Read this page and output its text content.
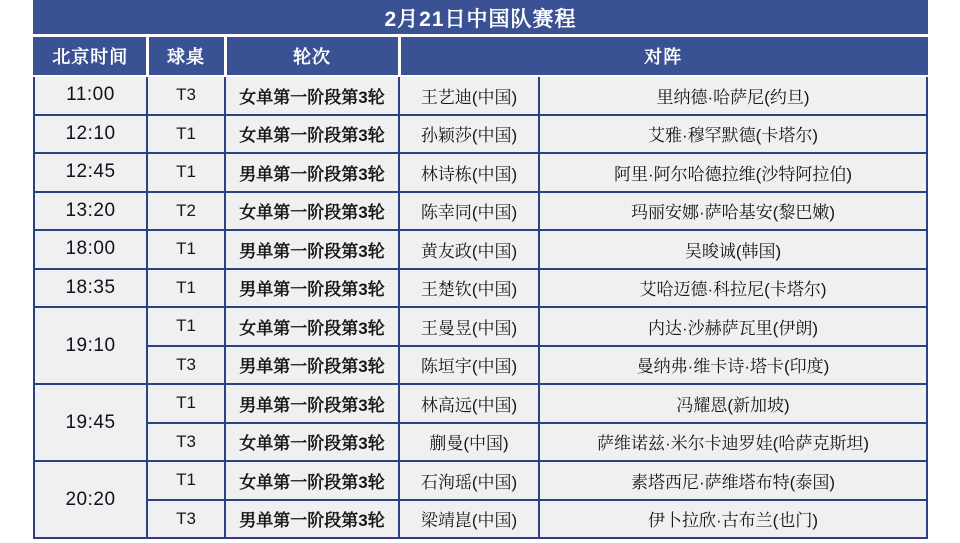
2月21日中国队赛程				
北京时间	球桌	轮次	对阵	
11:00	T3	女单第一阶段第3轮	王艺迪(中国)	里纳德·哈萨尼(约旦)
12:10	T1	女单第一阶段第3轮	孙颖莎(中国)	艾雅·穆罕默德(卡塔尔)
12:45	T1	男单第一阶段第3轮	林诗栋(中国)	阿里·阿尔哈德拉维(沙特阿拉伯)
13:20	T2	女单第一阶段第3轮	陈幸同(中国)	玛丽安娜·萨哈基安(黎巴嫩)
18:00	T1	男单第一阶段第3轮	黄友政(中国)	吴晙诚(韩国)
18:35	T1	男单第一阶段第3轮	王楚钦(中国)	艾哈迈德·科拉尼(卡塔尔)
19:10	T1	女单第一阶段第3轮	王曼昱(中国)	内达·沙赫萨瓦里(伊朗)
	T3	男单第一阶段第3轮	陈垣宇(中国)	曼纳弗·维卡诗·塔卡(印度)
19:45	T1	男单第一阶段第3轮	林高远(中国)	冯耀恩(新加坡)
	T3	女单第一阶段第3轮	蒯曼(中国)	萨维诺兹·米尔卡迪罗娃(哈萨克斯坦)
20:20	T1	女单第一阶段第3轮	石洵瑶(中国)	素塔西尼·萨维塔布特(泰国)
	T3	男单第一阶段第3轮	梁靖崑(中国)	伊卜拉欣·古布兰(也门)
